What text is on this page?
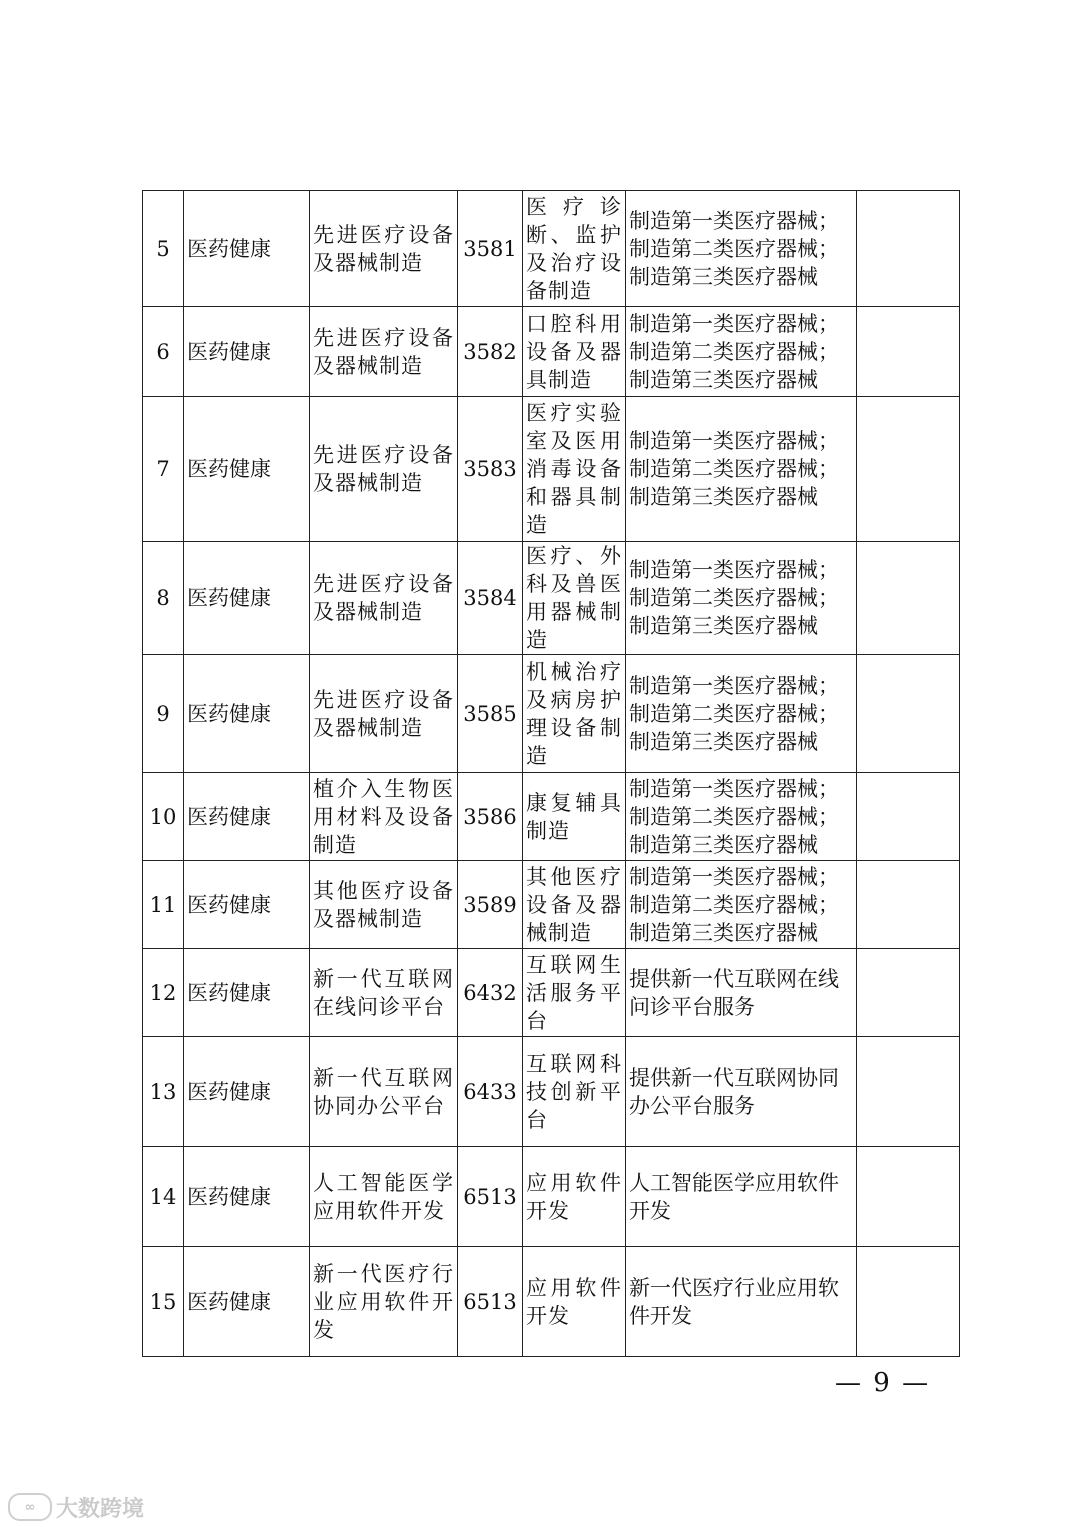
5	医药健康	先进医疗设备及器械制造	3581	医疗诊断、监护及治疗设备制造	制造第一类医疗器械；制造第二类医疗器械；制造第三类医疗器械	
6	医药健康	先进医疗设备及器械制造	3582	口腔科用设备及器具制造	制造第一类医疗器械；制造第二类医疗器械；制造第三类医疗器械	
7	医药健康	先进医疗设备及器械制造	3583	医疗实验室及医用消毒设备和器具制造	制造第一类医疗器械；制造第二类医疗器械；制造第三类医疗器械	
8	医药健康	先进医疗设备及器械制造	3584	医疗、外科及兽医用器械制造	制造第一类医疗器械；制造第二类医疗器械；制造第三类医疗器械	
9	医药健康	先进医疗设备及器械制造	3585	机械治疗及病房护理设备制造	制造第一类医疗器械；制造第二类医疗器械；制造第三类医疗器械	
10	医药健康	植介入生物医用材料及设备制造	3586	康复辅具制造	制造第一类医疗器械；制造第二类医疗器械；制造第三类医疗器械	
11	医药健康	其他医疗设备及器械制造	3589	其他医疗设备及器械制造	制造第一类医疗器械；制造第二类医疗器械；制造第三类医疗器械	
12	医药健康	新一代互联网在线问诊平台	6432	互联网生活服务平台	提供新一代互联网在线问诊平台服务	
13	医药健康	新一代互联网协同办公平台	6433	互联网科技创新平台	提供新一代互联网协同办公平台服务	
14	医药健康	人工智能医学应用软件开发	6513	应用软件开发	人工智能医学应用软件开发	
15	医药健康	新一代医疗行业应用软件开发	6513	应用软件开发	新一代医疗行业应用软件开发	
— 9 —
∞ 大数跨境
